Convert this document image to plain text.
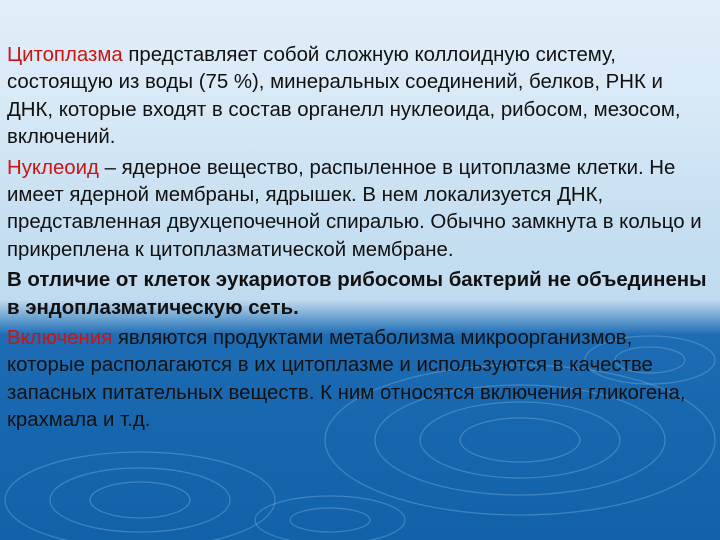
Цитоплазма представляет собой сложную коллоидную систему, состоящую из воды (75 %), минеральных соединений, белков, РНК и ДНК, которые входят в состав органелл нуклеоида, рибосом, мезосом, включений.

Нуклеоид – ядерное вещество, распыленное в цитоплазме клетки. Не имеет ядерной мембраны, ядрышек. В нем локализуется ДНК, представленная двухцепочечной спиралью. Обычно замкнута в кольцо и прикреплена к цитоплазматической мембране.

В отличие от клеток эукариотов рибосомы бактерий не объединены в эндоплазматическую сеть.

Включения являются продуктами метаболизма микроорганизмов, которые располагаются в их цитоплазме и используются в качестве запасных питательных веществ. К ним относятся включения гликогена, крахмала и т.д.
